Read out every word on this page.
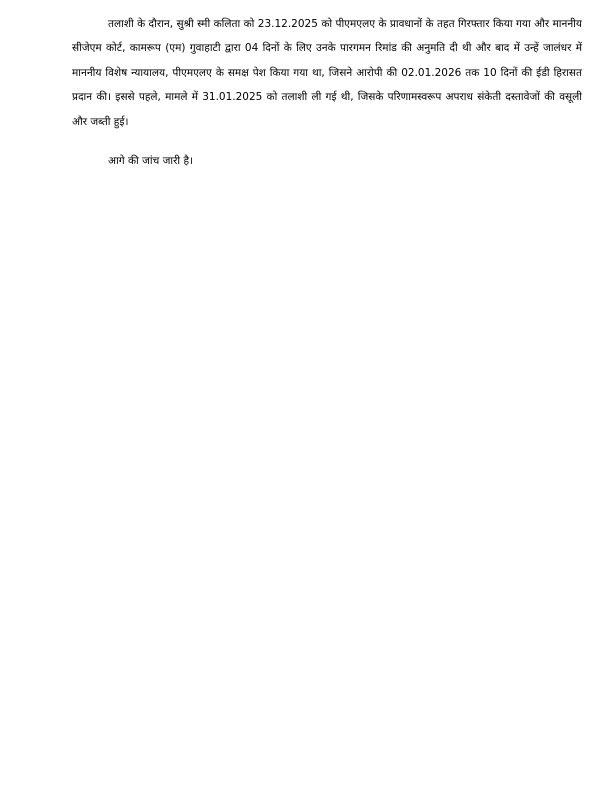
तलाशी के दौरान, सुश्री स्मी कलिता को 23.12.2025 को पीएमएलए के प्रावधानों के तहत गिरफ्तार किया गया और माननीय सीजेएम कोर्ट, कामरूप (एम) गुवाहाटी द्वारा 04 दिनों के लिए उनके पारगमन रिमांड की अनुमति दी थी और बाद में उन्हें जालंधर में माननीय विशेष न्यायालय, पीएमएलए के समक्ष पेश किया गया था, जिसने आरोपी की 02.01.2026 तक 10 दिनों की ईडी हिरासत प्रदान की। इससे पहले, मामले में 31.01.2025 को तलाशी ली गई थी, जिसके परिणामस्वरूप अपराध संकेती दस्तावेजों की वसूली और जब्ती हुई।

आगे की जांच जारी है।
